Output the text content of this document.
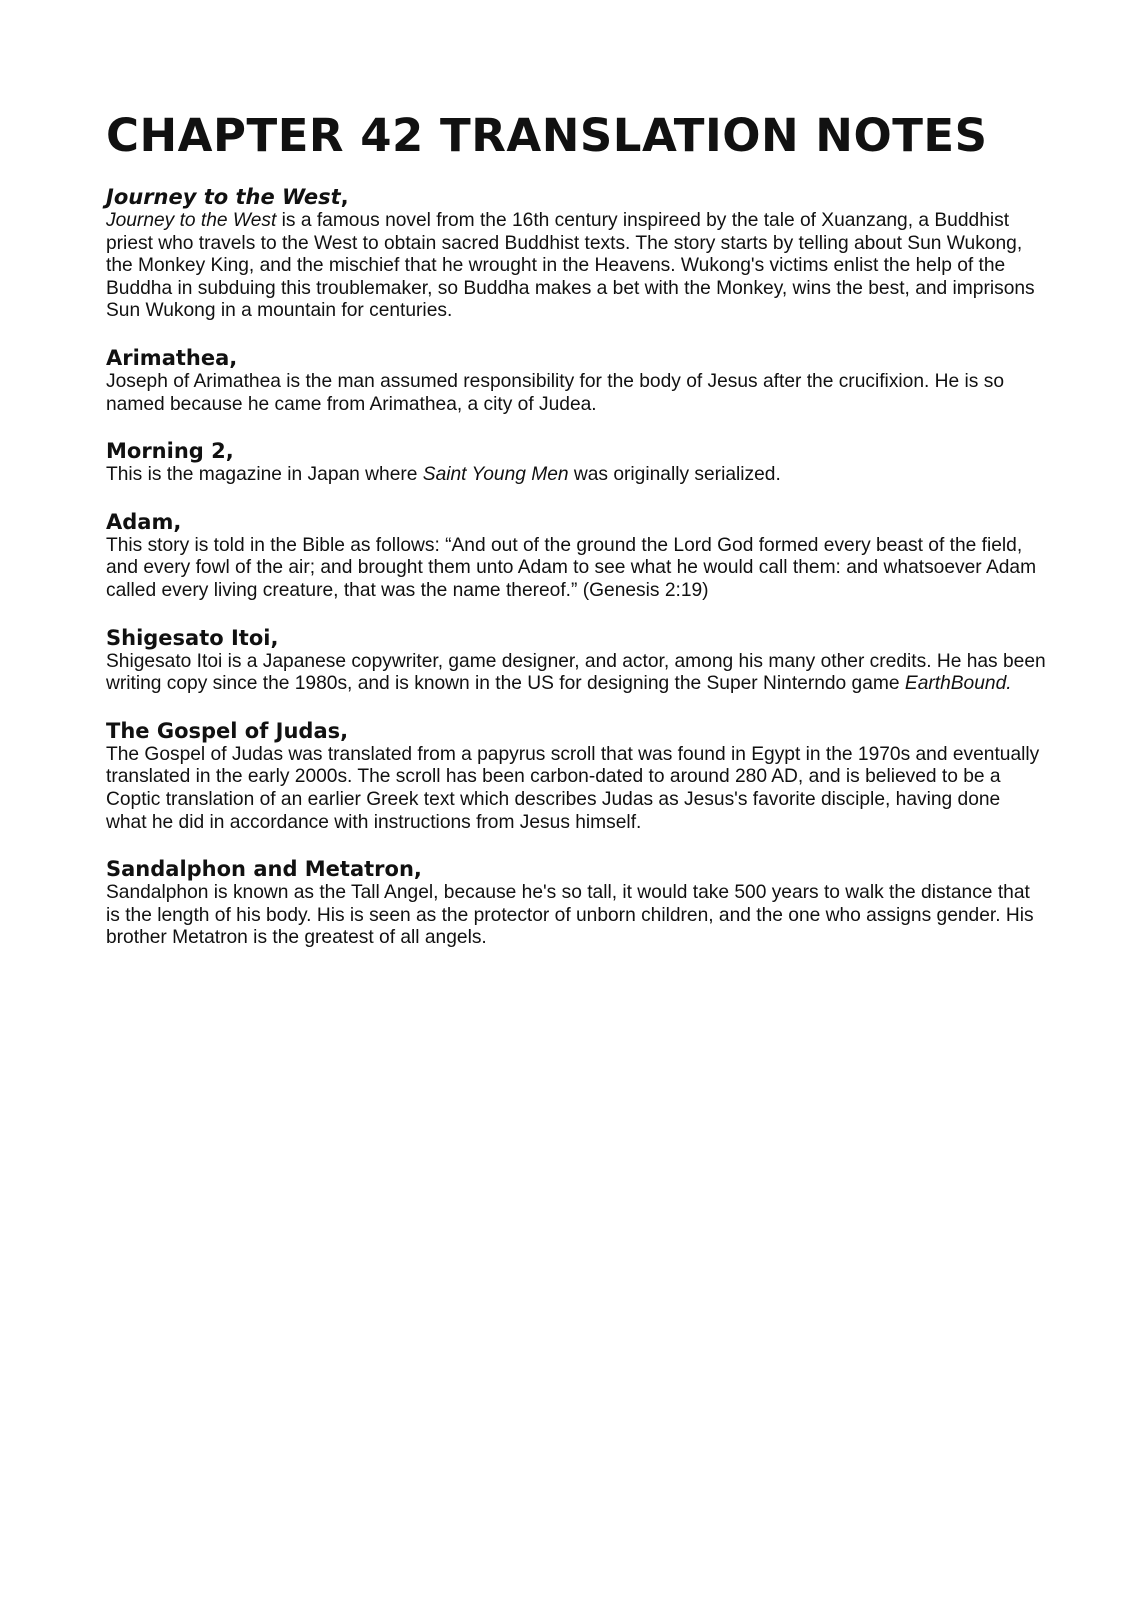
CHAPTER 42 TRANSLATION NOTES
Journey to the West,

Journey to the West is a famous novel from the 16th century inspireed by the tale of Xuanzang, a Buddhist priest who travels to the West to obtain sacred Buddhist texts. The story starts by telling about Sun Wukong, the Monkey King, and the mischief that he wrought in the Heavens. Wukong's victims enlist the help of the Buddha in subduing this troublemaker, so Buddha makes a bet with the Monkey, wins the best, and imprisons Sun Wukong in a mountain for centuries.

Arimathea,

Joseph of Arimathea is the man assumed responsibility for the body of Jesus after the crucifixion. He is so named because he came from Arimathea, a city of Judea.

Morning 2,

This is the magazine in Japan where Saint Young Men was originally serialized.

Adam,

This story is told in the Bible as follows: “And out of the ground the Lord God formed every beast of the field, and every fowl of the air; and brought them unto Adam to see what he would call them: and whatsoever Adam called every living creature, that was the name thereof.” (Genesis 2:19)

Shigesato Itoi,

Shigesato Itoi is a Japanese copywriter, game designer, and actor, among his many other credits. He has been writing copy since the 1980s, and is known in the US for designing the Super Ninterndo game EarthBound.

The Gospel of Judas,

The Gospel of Judas was translated from a papyrus scroll that was found in Egypt in the 1970s and eventually translated in the early 2000s. The scroll has been carbon-dated to around 280 AD, and is believed to be a Coptic translation of an earlier Greek text which describes Judas as Jesus's favorite disciple, having done what he did in accordance with instructions from Jesus himself.

Sandalphon and Metatron,

Sandalphon is known as the Tall Angel, because he's so tall, it would take 500 years to walk the distance that is the length of his body. His is seen as the protector of unborn children, and the one who assigns gender. His brother Metatron is the greatest of all angels.
